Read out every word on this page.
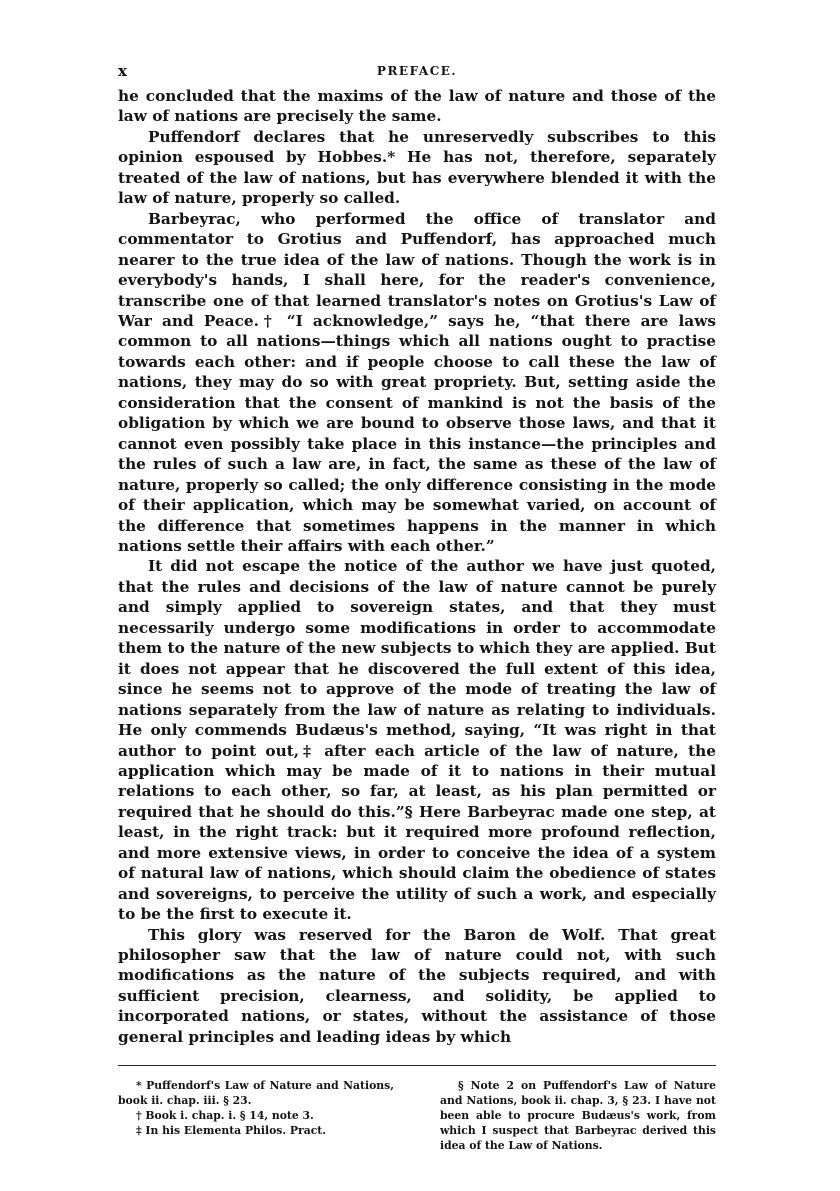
x	PREFACE.

he concluded that the maxims of the law of nature and those of the law of nations are precisely the same.

Puffendorf declares that he unreservedly subscribes to this opinion espoused by Hobbes.* He has not, therefore, separately treated of the law of nations, but has everywhere blended it with the law of nature, properly so called.

Barbeyrac, who performed the office of translator and commentator to Grotius and Puffendorf, has approached much nearer to the true idea of the law of nations. Though the work is in everybody's hands, I shall here, for the reader's convenience, transcribe one of that learned translator's notes on Grotius's Law of War and Peace.† “I acknowledge,” says he, “that there are laws common to all nations—things which all nations ought to practise towards each other: and if people choose to call these the law of nations, they may do so with great propriety. But, setting aside the consideration that the consent of mankind is not the basis of the obligation by which we are bound to observe those laws, and that it cannot even possibly take place in this instance—the principles and the rules of such a law are, in fact, the same as these of the law of nature, properly so called; the only difference consisting in the mode of their application, which may be somewhat varied, on account of the difference that sometimes happens in the manner in which nations settle their affairs with each other.”

It did not escape the notice of the author we have just quoted, that the rules and decisions of the law of nature cannot be purely and simply applied to sovereign states, and that they must necessarily undergo some modifications in order to accommodate them to the nature of the new subjects to which they are applied. But it does not appear that he discovered the full extent of this idea, since he seems not to approve of the mode of treating the law of nations separately from the law of nature as relating to individuals. He only commends Budæus's method, saying, “It was right in that author to point out,‡ after each article of the law of nature, the application which may be made of it to nations in their mutual relations to each other, so far, at least, as his plan permitted or required that he should do this.”§ Here Barbeyrac made one step, at least, in the right track: but it required more profound reflection, and more extensive views, in order to conceive the idea of a system of natural law of nations, which should claim the obedience of states and sovereigns, to perceive the utility of such a work, and especially to be the first to execute it.

This glory was reserved for the Baron de Wolf. That great philosopher saw that the law of nature could not, with such modifications as the nature of the subjects required, and with sufficient precision, clearness, and solidity, be applied to incorporated nations, or states, without the assistance of those general principles and leading ideas by which

* Puffendorf's Law of Nature and Nations, book ii. chap. iii. § 23.

† Book i. chap. i. § 14, note 3.

‡ In his Elementa Philos. Pract.

§ Note 2 on Puffendorf's Law of Nature and Nations, book ii. chap. 3, § 23. I have not been able to procure Budæus's work, from which I suspect that Barbeyrac derived this idea of the Law of Nations.
